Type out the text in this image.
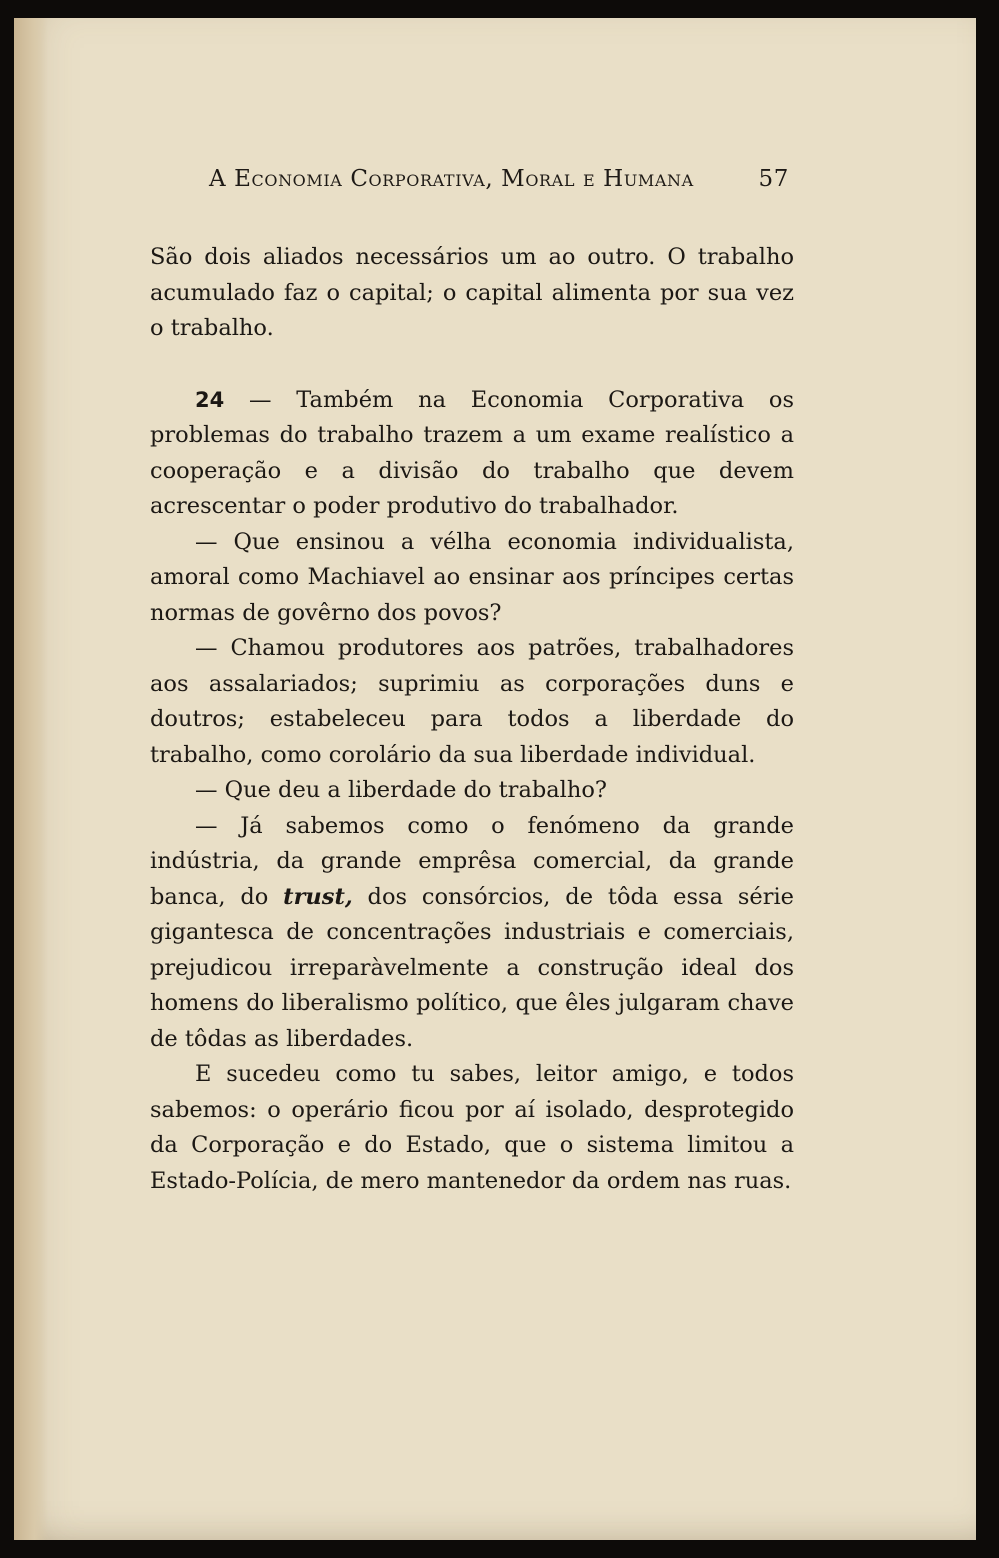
A Economia Corporativa, Moral e Humana	57

São dois aliados necessários um ao outro. O trabalho acumulado faz o capital; o capital alimenta por sua vez o trabalho.

24 — Também na Economia Corporativa os problemas do trabalho trazem a um exame realístico a cooperação e a divisão do trabalho que devem acrescentar o poder produtivo do trabalhador.

— Que ensinou a vélha economia individualista, amoral como Machiavel ao ensinar aos príncipes certas normas de govêrno dos povos?

— Chamou produtores aos patrões, trabalhadores aos assalariados; suprimiu as corporações duns e doutros; estabeleceu para todos a liberdade do trabalho, como corolário da sua liberdade individual.

— Que deu a liberdade do trabalho?

— Já sabemos como o fenómeno da grande indústria, da grande emprêsa comercial, da grande banca, do trust, dos consórcios, de tôda essa série gigantesca de concentrações industriais e comerciais, prejudicou irreparàvelmente a construção ideal dos homens do liberalismo político, que êles julgaram chave de tôdas as liberdades.

E sucedeu como tu sabes, leitor amigo, e todos sabemos: o operário ficou por aí isolado, desprotegido da Corporação e do Estado, que o sistema limitou a Estado-Polícia, de mero mantenedor da ordem nas ruas.
